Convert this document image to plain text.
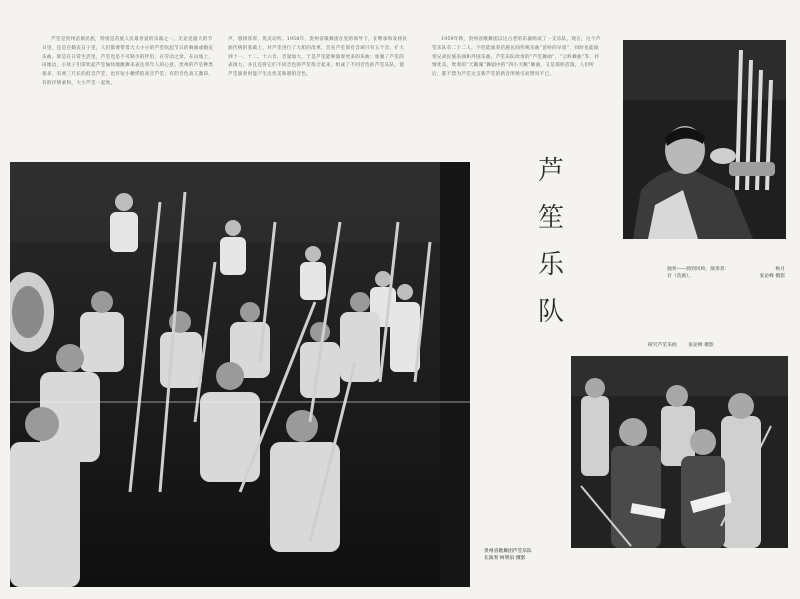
芦笙是贵州苗侗民族，特别是苗族人民最喜爱的乐器之一。无论是盛大的节日里，还是在婚丧日子里，人们都要带着大大小小的芦笙吹起节日的舞曲或婚丧乐曲，即是在日常生活里，芦笙也是不可缺少的伴侣。在劳动之余，在山坡上，田地边，小伙子们常吹起芦笙愉快地跳舞来表达青年人的心意。贵州的芦笙种类很多，有两三尺长的低音芦笙，也有短小精悍的高音芦笙；有的音色高亢激昂，有的抒情柔和，大小芦笙一起吹，
声，悠扬浑厚，优美动听。1958年，贵州省歌舞团在党的领导下，在继承和发扬民族传统的基础上，对芦笙进行了大胆的改革，首先芦笙原有音域只有五个音，扩大到十一、十二、十六音，音量加大，于是芦笙能够演奏更多的乐曲；加强了芦笙的表现力，并且还将它们不同音色的芦笙组合起来，组成了不同音色的芦笙乐队，使芦笙演奏时能产生出优美和谐的音色。
1959年秋，贵州省歌舞团以这古老的乐器组成了一支乐队，现在，这个芦笙乐队有二十二人，不但能演奏苗族民间传统乐曲“苗岭的早晨”，同时也能演奏兄弟民族乐曲和外国乐曲。芦笙乐队吹奏的“芦笙舞曲”、“云岭舞曲”等，抒情优美，吹奏的“天鹅湖”舞剧中的“四小天鹅”舞曲，又是那样活泼，人们听后，都不禁为芦笙这支新芦笙的新音所吸引而赞叹不已。
芦
笙
乐
队
独奏——骑到岚岭，演奏者：	杨月
甘（苗族）。	张论峰 摄影
研究芦笙乐曲 张论峰 摄影
贵州省歌舞团芦笙乐队
在演奏 柯明泉 摄影
